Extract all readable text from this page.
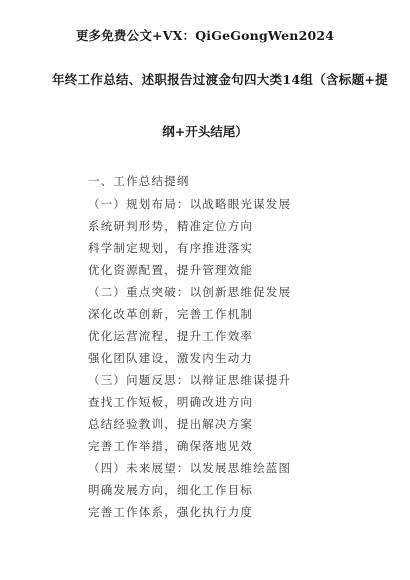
更多免费公文+VX：QiGeGongWen2024
年终工作总结、述职报告过渡金句四大类14组（含标题+提
纲+开头结尾）
一、工作总结提纲
（一）规划布局：以战略眼光谋发展
系统研判形势，精准定位方向
科学制定规划，有序推进落实
优化资源配置，提升管理效能
（二）重点突破：以创新思维促发展
深化改革创新，完善工作机制
优化运营流程，提升工作效率
强化团队建设，激发内生动力
（三）问题反思：以辩证思维谋提升
查找工作短板，明确改进方向
总结经验教训，提出解决方案
完善工作举措，确保落地见效
（四）未来展望：以发展思维绘蓝图
明确发展方向，细化工作目标
完善工作体系，强化执行力度
